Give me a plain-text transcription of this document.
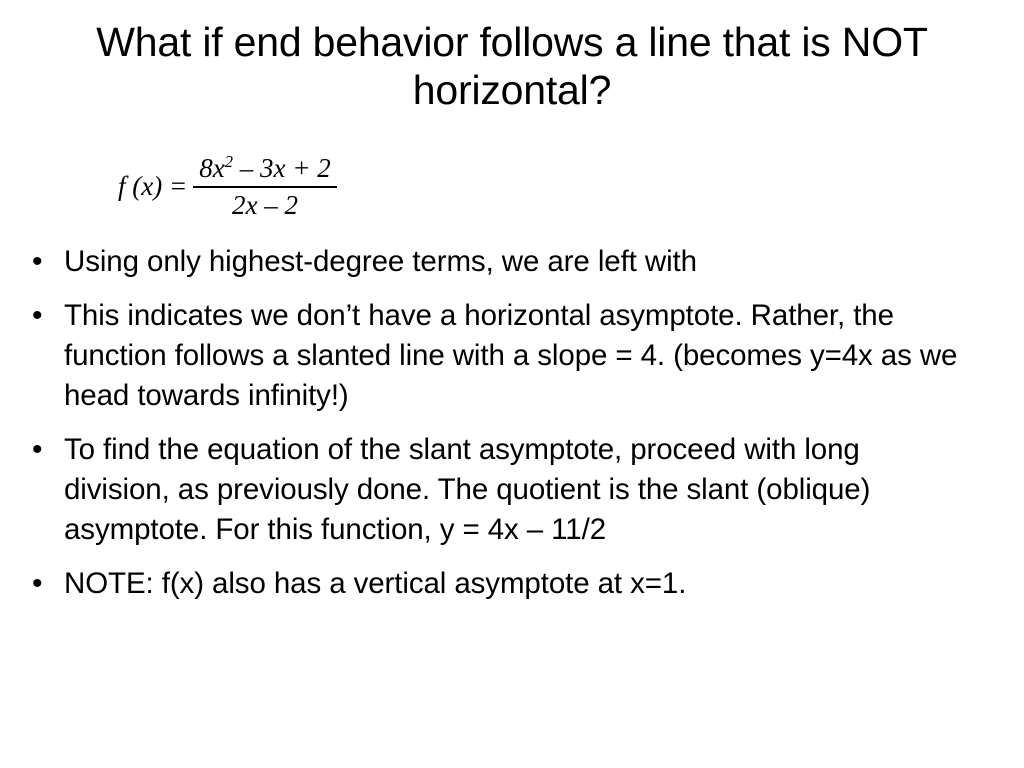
What if end behavior follows a line that is NOT horizontal?
f $(x) = \frac{8x^2 - 3x + 2}{2x - 2}$
• Using only highest-degree terms, we are left with
• This indicates we don’t have a horizontal asymptote. Rather, the function follows a slanted line with a slope = 4. (becomes y=4x as we head towards infinity!)
• To find the equation of the slant asymptote, proceed with long division, as previously done. The quotient is the slant (oblique) asymptote. For this function, y = 4x – 11/2
• NOTE: f(x) also has a vertical asymptote at x=1.
